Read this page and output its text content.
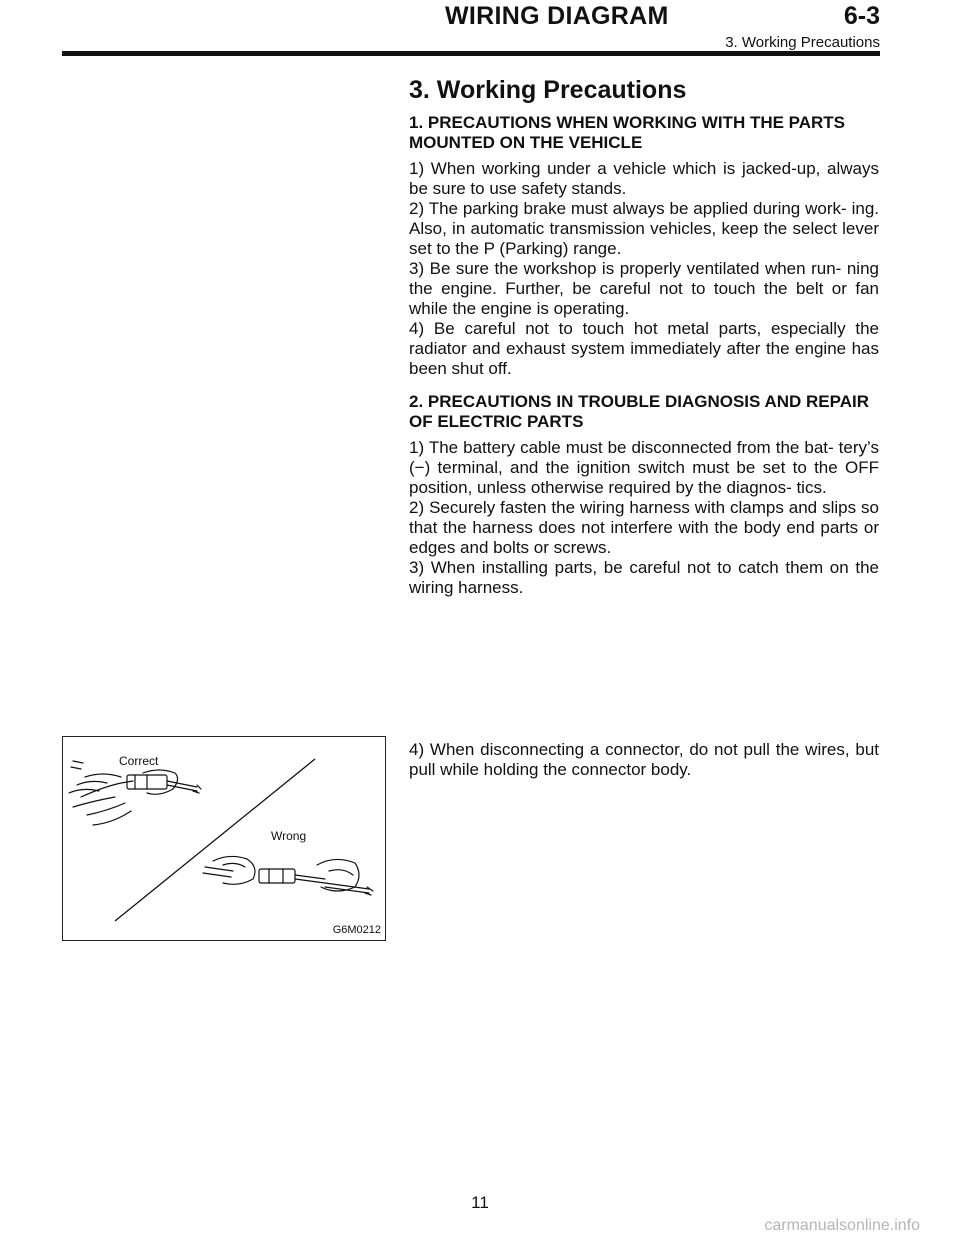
WIRING DIAGRAM	6-3
3. Working Precautions
3. Working Precautions

1. PRECAUTIONS WHEN WORKING WITH THE PARTS MOUNTED ON THE VEHICLE

1) When working under a vehicle which is jacked-up, always be sure to use safety stands.

2) The parking brake must always be applied during work- ing. Also, in automatic transmission vehicles, keep the select lever set to the P (Parking) range.

3) Be sure the workshop is properly ventilated when run- ning the engine. Further, be careful not to touch the belt or fan while the engine is operating.

4) Be careful not to touch hot metal parts, especially the radiator and exhaust system immediately after the engine has been shut off.

2. PRECAUTIONS IN TROUBLE DIAGNOSIS AND REPAIR OF ELECTRIC PARTS

1) The battery cable must be disconnected from the bat- tery’s (−) terminal, and the ignition switch must be set to the OFF position, unless otherwise required by the diagnos- tics.

2) Securely fasten the wiring harness with clamps and slips so that the harness does not interfere with the body end parts or edges and bolts or screws.

3) When installing parts, be careful not to catch them on the wiring harness.

4) When disconnecting a connector, do not pull the wires, but pull while holding the connector body.

Correct
Wrong
G6M0212
11
carmanualsonline.info
